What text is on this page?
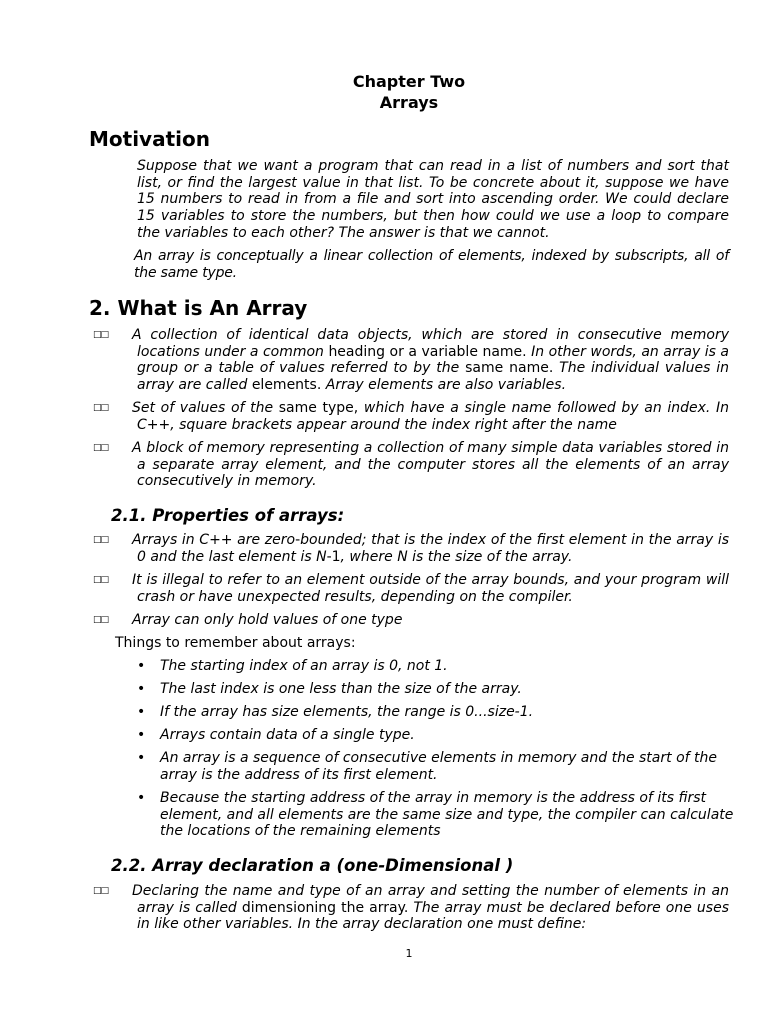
Chapter Two
Arrays
Motivation

Suppose that we want a program that can read in a list of numbers and sort that list, or find the largest value in that list. To be concrete about it, suppose we have 15 numbers to read in from a file and sort into ascending order. We could declare 15 variables to store the numbers, but then how could we use a loop to compare the variables to each other? The answer is that we cannot.

An array is conceptually a linear collection of elements, indexed by subscripts, all of the same type.

2. What is An Array

□□ A collection of identical data objects, which are stored in consecutive memory locations under a common heading or a variable name. In other words, an array is a group or a table of values referred to by the same name. The individual values in array are called elements. Array elements are also variables.

□□ Set of values of the same type, which have a single name followed by an index. In C++, square brackets appear around the index right after the name

□□ A block of memory representing a collection of many simple data variables stored in a separate array element, and the computer stores all the elements of an array consecutively in memory.

2.1. Properties of arrays:

□□ Arrays in C++ are zero-bounded; that is the index of the first element in the array is 0 and the last element is N-1, where N is the size of the array.

□□ It is illegal to refer to an element outside of the array bounds, and your program will crash or have unexpected results, depending on the compiler.

□□ Array can only hold values of one type

Things to remember about arrays:

• The starting index of an array is 0, not 1.

• The last index is one less than the size of the array.

• If the array has size elements, the range is 0...size-1.

• Arrays contain data of a single type.

• An array is a sequence of consecutive elements in memory and the start of the array is the address of its first element.

• Because the starting address of the array in memory is the address of its first element, and all elements are the same size and type, the compiler can calculate the locations of the remaining elements

2.2. Array declaration a (one-Dimensional )

□□ Declaring the name and type of an array and setting the number of elements in an array is called dimensioning the array. The array must be declared before one uses in like other variables. In the array declaration one must define:

1
